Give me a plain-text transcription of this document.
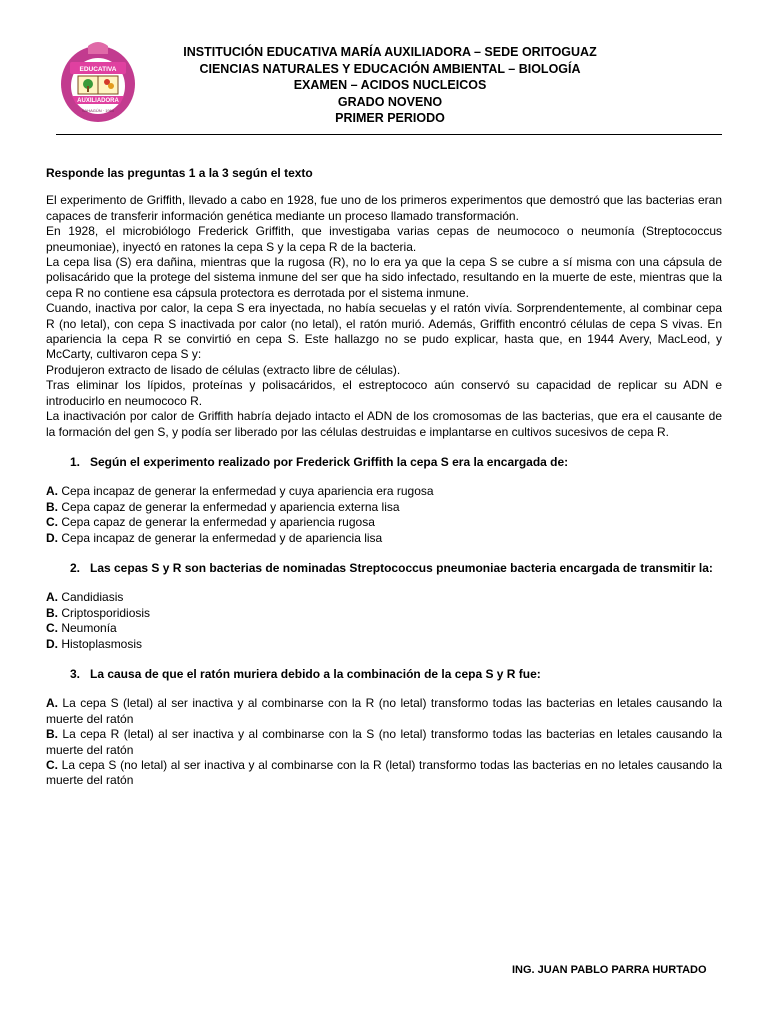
EDUCATIVA
AUXILIADORA
SAHAGÚN · 1960
INSTITUCIÓN EDUCATIVA MARÍA AUXILIADORA – SEDE ORITOGUAZ
CIENCIAS NATURALES Y EDUCACIÓN AMBIENTAL – BIOLOGÍA
EXAMEN – ACIDOS NUCLEICOS
GRADO NOVENO
PRIMER PERIODO

Responde las preguntas 1 a la 3 según el texto

El experimento de Griffith, llevado a cabo en 1928, fue uno de los primeros experimentos que demostró que las bacterias eran capaces de transferir información genética mediante un proceso llamado transformación.

En 1928, el microbiólogo Frederick Griffith, que investigaba varias cepas de neumococo o neumonía (Streptococcus pneumoniae), inyectó en ratones la cepa S y la cepa R de la bacteria.

La cepa lisa (S) era dañina, mientras que la rugosa (R), no lo era ya que la cepa S se cubre a sí misma con una cápsula de polisacárido que la protege del sistema inmune del ser que ha sido infectado, resultando en la muerte de este, mientras que la cepa R no contiene esa cápsula protectora es derrotada por el sistema inmune.

Cuando, inactiva por calor, la cepa S era inyectada, no había secuelas y el ratón vivía. Sorprendentemente, al combinar cepa R (no letal), con cepa S inactivada por calor (no letal), el ratón murió. Además, Griffith encontró células de cepa S vivas. En apariencia la cepa R se convirtió en cepa S. Este hallazgo no se pudo explicar, hasta que, en 1944 Avery, MacLeod, y McCarty, cultivaron cepa S y:

Produjeron extracto de lisado de células (extracto libre de células).

Tras eliminar los lípidos, proteínas y polisacáridos, el estreptococo aún conservó su capacidad de replicar su ADN e introducirlo en neumococo R.

La inactivación por calor de Griffith habría dejado intacto el ADN de los cromosomas de las bacterias, que era el causante de la formación del gen S, y podía ser liberado por las células destruidas e implantarse en cultivos sucesivos de cepa R.

1. Según el experimento realizado por Frederick Griffith la cepa S era la encargada de:

A. Cepa incapaz de generar la enfermedad y cuya apariencia era rugosa

B. Cepa capaz de generar la enfermedad y apariencia externa lisa

C. Cepa capaz de generar la enfermedad y apariencia rugosa

D. Cepa incapaz de generar la enfermedad y de apariencia lisa

2. Las cepas S y R son bacterias de nominadas Streptococcus pneumoniae bacteria encargada de transmitir la:

A. Candidiasis

B. Criptosporidiosis

C. Neumonía

D. Histoplasmosis

3. La causa de que el ratón muriera debido a la combinación de la cepa S y R fue:

A. La cepa S (letal) al ser inactiva y al combinarse con la R (no letal) transformo todas las bacterias en letales causando la muerte del ratón

B. La cepa R (letal) al ser inactiva y al combinarse con la S (no letal) transformo todas las bacterias en letales causando la muerte del ratón

C. La cepa S (no letal) al ser inactiva y al combinarse con la R (letal) transformo todas las bacterias en no letales causando la muerte del ratón

ING. JUAN PABLO PARRA HURTADO
